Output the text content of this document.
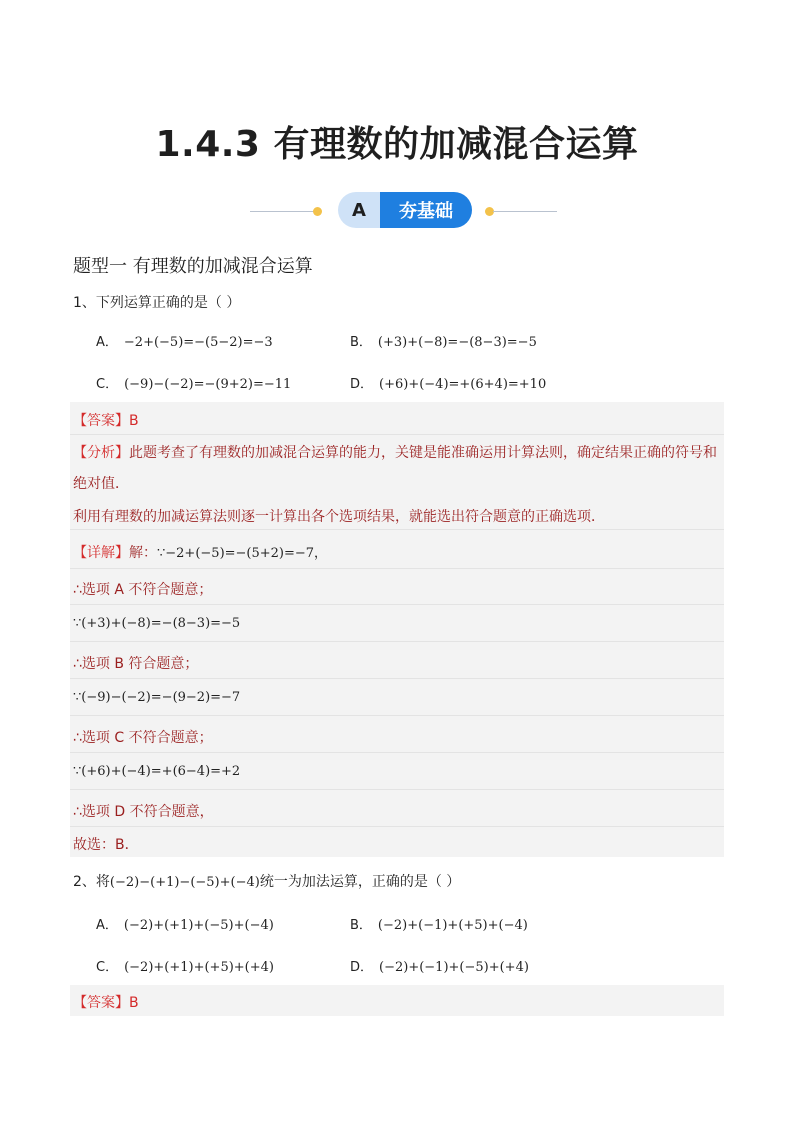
1.4.3 有理数的加减混合运算
A	夯基础
题型一 有理数的加减混合运算
1、下列运算正确的是（ ）
A． −2+(−5)=−(5−2)=−3	B． (+3)+(−8)=−(8−3)=−5
C． (−9)−(−2)=−(9+2)=−11	D． (+6)+(−4)=+(6+4)=+10
【答案】B
【分析】此题考查了有理数的加减混合运算的能力，关键是能准确运用计算法则，确定结果正确的符号和
绝对值．
利用有理数的加减运算法则逐一计算出各个选项结果，就能选出符合题意的正确选项．
【详解】解：∵−2+(−5)=−(5+2)=−7，
∴选项 A 不符合题意；
∵(+3)+(−8)=−(8−3)=−5
∴选项 B 符合题意；
∵(−9)−(−2)=−(9−2)=−7
∴选项 C 不符合题意；
∵(+6)+(−4)=+(6−4)=+2
∴选项 D 不符合题意，
故选：B．
2、将(−2)−(+1)−(−5)+(−4)统一为加法运算，正确的是（ ）
A． (−2)+(+1)+(−5)+(−4)	B． (−2)+(−1)+(+5)+(−4)
C． (−2)+(+1)+(+5)+(+4)	D． (−2)+(−1)+(−5)+(+4)
【答案】B
